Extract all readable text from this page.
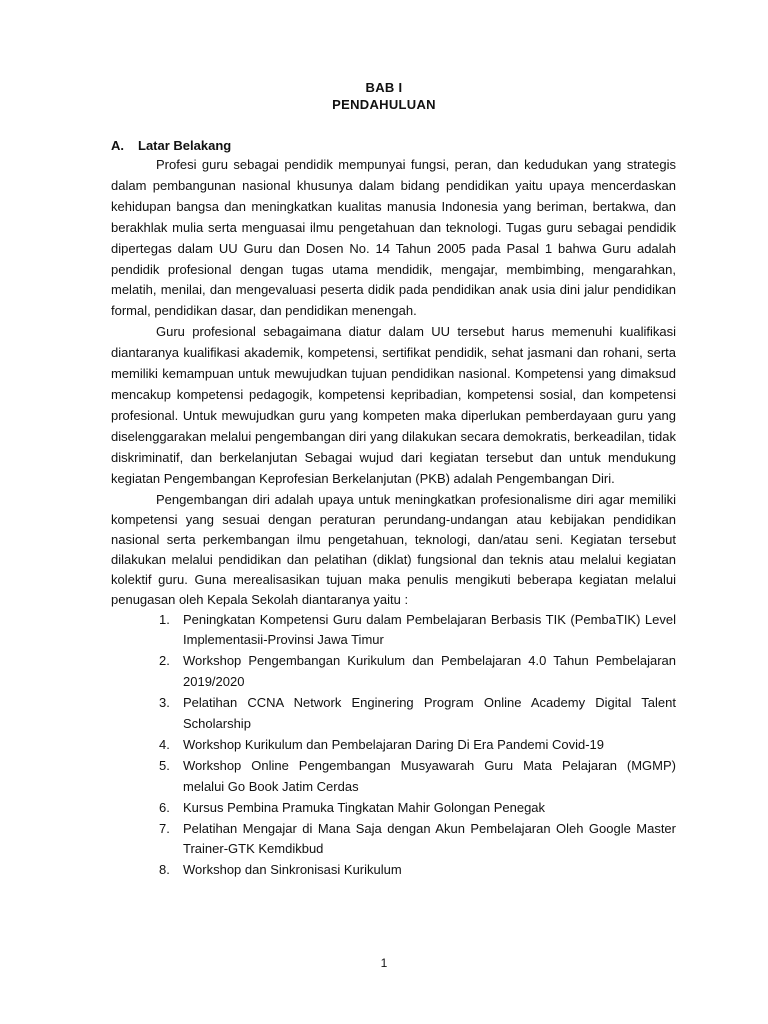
BAB I
PENDAHULUAN
A. Latar Belakang

Profesi guru sebagai pendidik mempunyai fungsi, peran, dan kedudukan yang strategis dalam pembangunan nasional khusunya dalam bidang pendidikan yaitu upaya mencerdaskan kehidupan bangsa dan meningkatkan kualitas manusia Indonesia yang beriman, bertakwa, dan berakhlak mulia serta menguasai ilmu pengetahuan dan teknologi. Tugas guru sebagai pendidik dipertegas dalam UU Guru dan Dosen No. 14 Tahun 2005 pada Pasal 1 bahwa Guru adalah pendidik profesional dengan tugas utama mendidik, mengajar, membimbing, mengarahkan, melatih, menilai, dan mengevaluasi peserta didik pada pendidikan anak usia dini jalur pendidikan formal, pendidikan dasar, dan pendidikan menengah.

Guru profesional sebagaimana diatur dalam UU tersebut harus memenuhi kualifikasi diantaranya kualifikasi akademik, kompetensi, sertifikat pendidik, sehat jasmani dan rohani, serta memiliki kemampuan untuk mewujudkan tujuan pendidikan nasional. Kompetensi yang dimaksud mencakup kompetensi pedagogik, kompetensi kepribadian, kompetensi sosial, dan kompetensi profesional. Untuk mewujudkan guru yang kompeten maka diperlukan pemberdayaan guru yang diselenggarakan melalui pengembangan diri yang dilakukan secara demokratis, berkeadilan, tidak diskriminatif, dan berkelanjutan Sebagai wujud dari kegiatan tersebut dan untuk mendukung kegiatan Pengembangan Keprofesian Berkelanjutan (PKB) adalah Pengembangan Diri.

Pengembangan diri adalah upaya untuk meningkatkan profesionalisme diri agar memiliki kompetensi yang sesuai dengan peraturan perundang-undangan atau kebijakan pendidikan nasional serta perkembangan ilmu pengetahuan, teknologi, dan/atau seni. Kegiatan tersebut dilakukan melalui pendidikan dan pelatihan (diklat) fungsional dan teknis atau melalui kegiatan kolektif guru. Guna merealisasikan tujuan maka penulis mengikuti beberapa kegiatan melalui penugasan oleh Kepala Sekolah diantaranya yaitu :

1. Peningkatan Kompetensi Guru dalam Pembelajaran Berbasis TIK (PembaTIK) Level Implementasii-Provinsi Jawa Timur
2. Workshop Pengembangan Kurikulum dan Pembelajaran 4.0 Tahun Pembelajaran 2019/2020
3. Pelatihan CCNA Network Enginering Program Online Academy Digital Talent Scholarship
4. Workshop Kurikulum dan Pembelajaran Daring Di Era Pandemi Covid-19
5. Workshop Online Pengembangan Musyawarah Guru Mata Pelajaran (MGMP) melalui Go Book Jatim Cerdas
6. Kursus Pembina Pramuka Tingkatan Mahir Golongan Penegak
7. Pelatihan Mengajar di Mana Saja dengan Akun Pembelajaran Oleh Google Master Trainer-GTK Kemdikbud
8. Workshop dan Sinkronisasi Kurikulum
1
